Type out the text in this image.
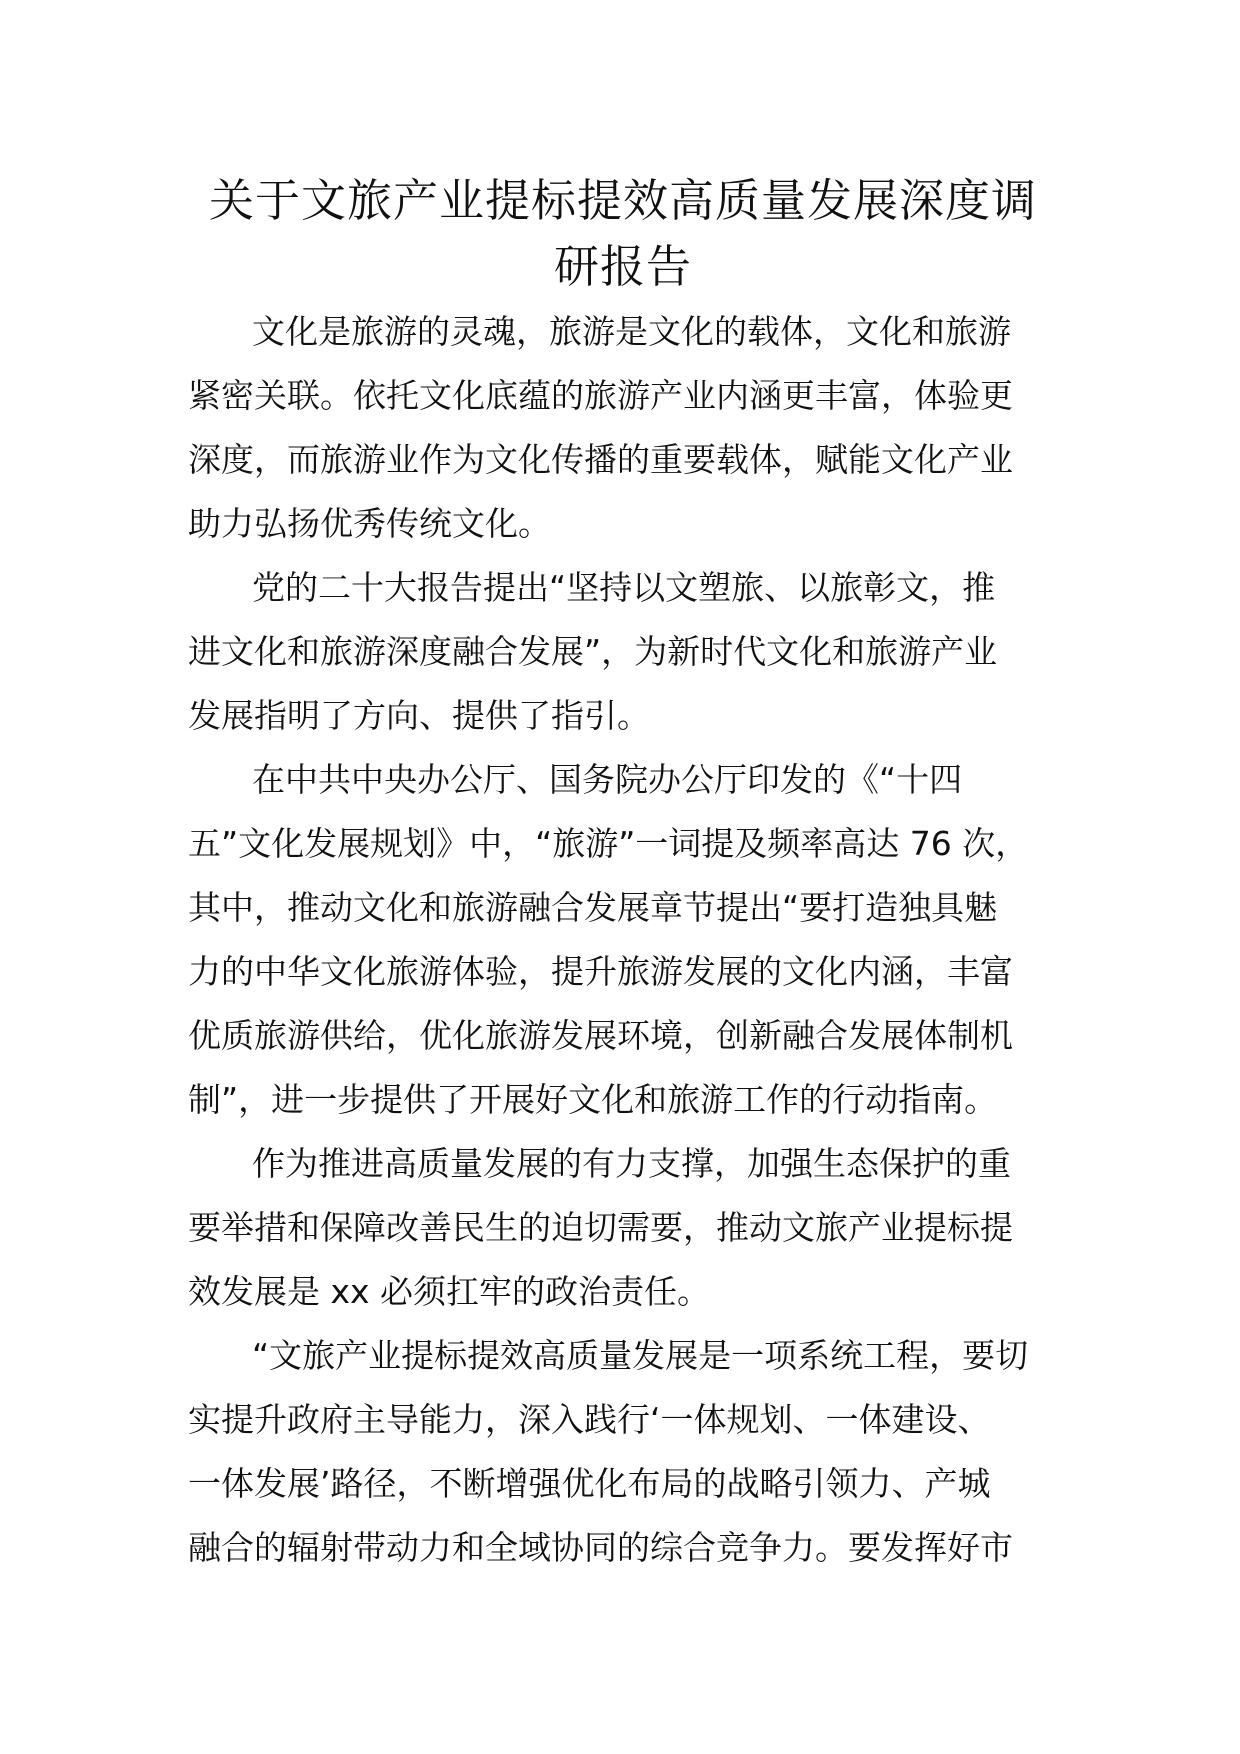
关于文旅产业提标提效高质量发展深度调
研报告
文化是旅游的灵魂，旅游是文化的载体，文化和旅游
紧密关联。依托文化底蕴的旅游产业内涵更丰富，体验更
深度，而旅游业作为文化传播的重要载体，赋能文化产业
助力弘扬优秀传统文化。
党的二十大报告提出“坚持以文塑旅、以旅彰文，推
进文化和旅游深度融合发展”，为新时代文化和旅游产业
发展指明了方向、提供了指引。
在中共中央办公厅、国务院办公厅印发的《“十四
五”文化发展规划》中，“旅游”一词提及频率高达 76 次，
其中，推动文化和旅游融合发展章节提出“要打造独具魅
力的中华文化旅游体验，提升旅游发展的文化内涵，丰富
优质旅游供给，优化旅游发展环境，创新融合发展体制机
制”，进一步提供了开展好文化和旅游工作的行动指南。
作为推进高质量发展的有力支撑，加强生态保护的重
要举措和保障改善民生的迫切需要，推动文旅产业提标提
效发展是 xx 必须扛牢的政治责任。
“文旅产业提标提效高质量发展是一项系统工程，要切
实提升政府主导能力，深入践行‘一体规划、一体建设、
一体发展’路径，不断增强优化布局的战略引领力、产城
融合的辐射带动力和全域协同的综合竞争力。要发挥好市
